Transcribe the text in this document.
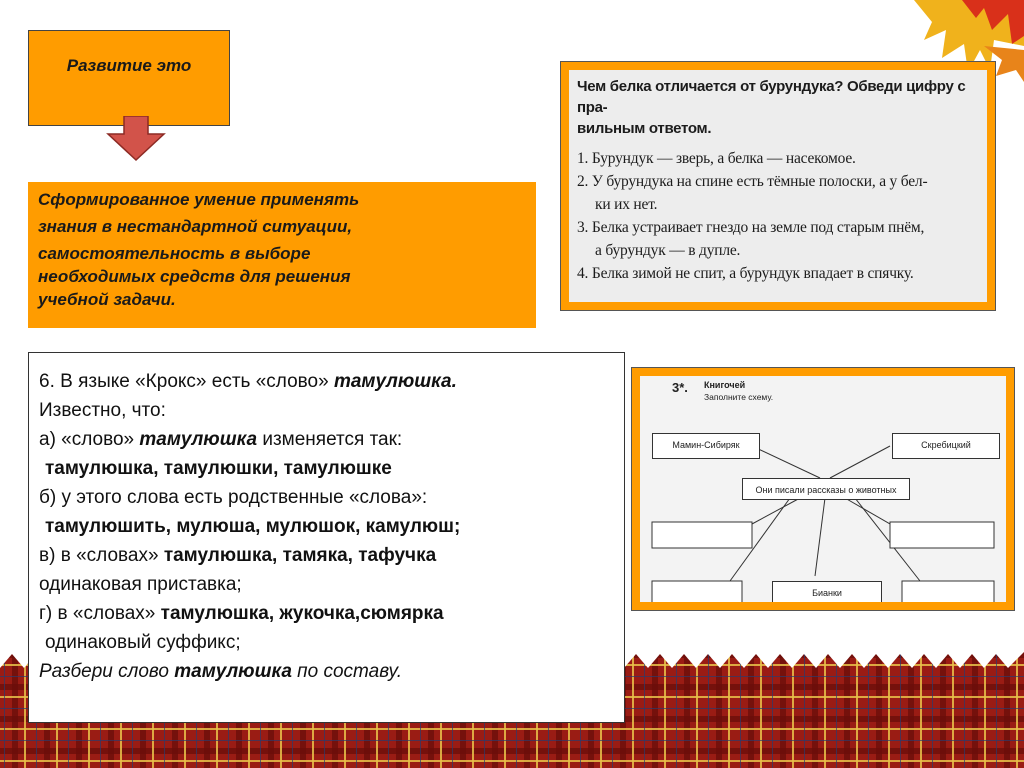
Развитие это
Сформированное умение применять
знания в нестандартной ситуации,
самостоятельность в выборе
необходимых средств для решения
учебной задачи.
Чем белка отличается от бурундука? Обведи цифру с пра-
вильным ответом.
1. Бурундук — зверь, а белка — насекомое.
2. У бурундука на спине есть тёмные полоски, а у бел-
ки их нет.
3. Белка устраивает гнездо на земле под старым пнём,
а бурундук — в дупле.
4. Белка зимой не спит, а бурундук впадает в спячку.
6. В языке «Крокс» есть «слово» тамулюшка.
Известно, что:
а) «слово» тамулюшка изменяется так:
тамулюшка, тамулюшки, тамулюшке
б) у этого слова есть родственные «слова»:
тамулюшить, мулюша, мулюшок, камулюш;
в) в «словах» тамулюшка, тамяка, тафучка
одинаковая приставка;
г) в «словах» тамулюшка, жукочка,сюмярка
одинаковый суффикс;
Разбери слово тамулюшка по составу.
3*. Книгочей
Заполните схему.
Мамин-Сибиряк	Скребицкий
Они писали рассказы о животных
Бианки
